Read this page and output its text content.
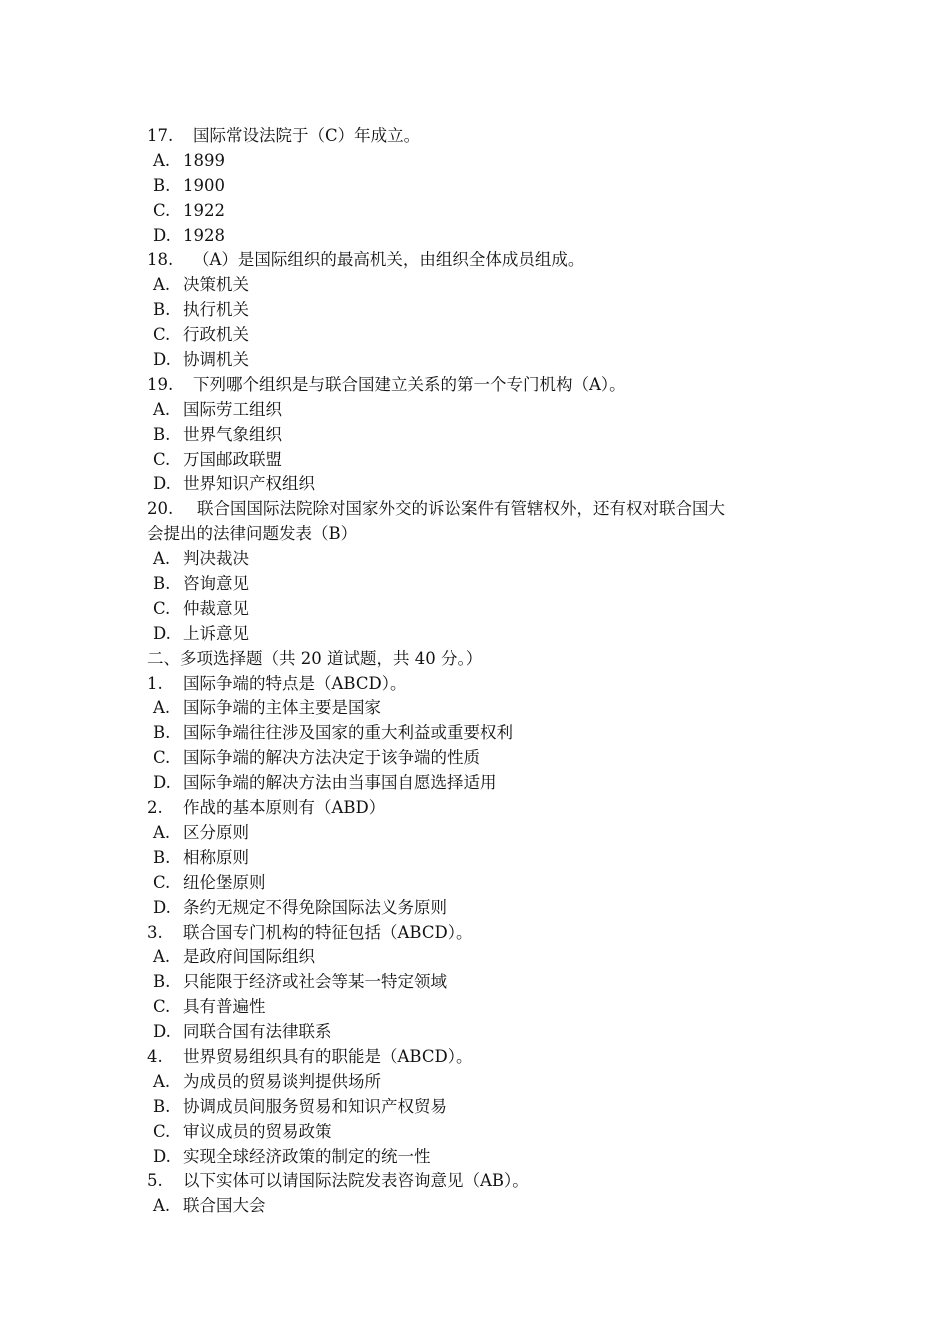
17. 国际常设法院于（C）年成立。
A. 1899
B. 1900
C. 1922
D. 1928
18. （A）是国际组织的最高机关，由组织全体成员组成。
A. 决策机关
B. 执行机关
C. 行政机关
D. 协调机关
19. 下列哪个组织是与联合国建立关系的第一个专门机构（A）。
A. 国际劳工组织
B. 世界气象组织
C. 万国邮政联盟
D. 世界知识产权组织
20. 联合国国际法院除对国家外交的诉讼案件有管辖权外，还有权对联合国大
会提出的法律问题发表（B）
A. 判决裁决
B. 咨询意见
C. 仲裁意见
D. 上诉意见
二、多项选择题（共 20 道试题，共 40 分。）
1. 国际争端的特点是（ABCD）。
A. 国际争端的主体主要是国家
B. 国际争端往往涉及国家的重大利益或重要权利
C. 国际争端的解决方法决定于该争端的性质
D. 国际争端的解决方法由当事国自愿选择适用
2. 作战的基本原则有（ABD）
A. 区分原则
B. 相称原则
C. 纽伦堡原则
D. 条约无规定不得免除国际法义务原则
3. 联合国专门机构的特征包括（ABCD）。
A. 是政府间国际组织
B. 只能限于经济或社会等某一特定领域
C. 具有普遍性
D. 同联合国有法律联系
4. 世界贸易组织具有的职能是（ABCD）。
A. 为成员的贸易谈判提供场所
B. 协调成员间服务贸易和知识产权贸易
C. 审议成员的贸易政策
D. 实现全球经济政策的制定的统一性
5. 以下实体可以请国际法院发表咨询意见（AB）。
A. 联合国大会
